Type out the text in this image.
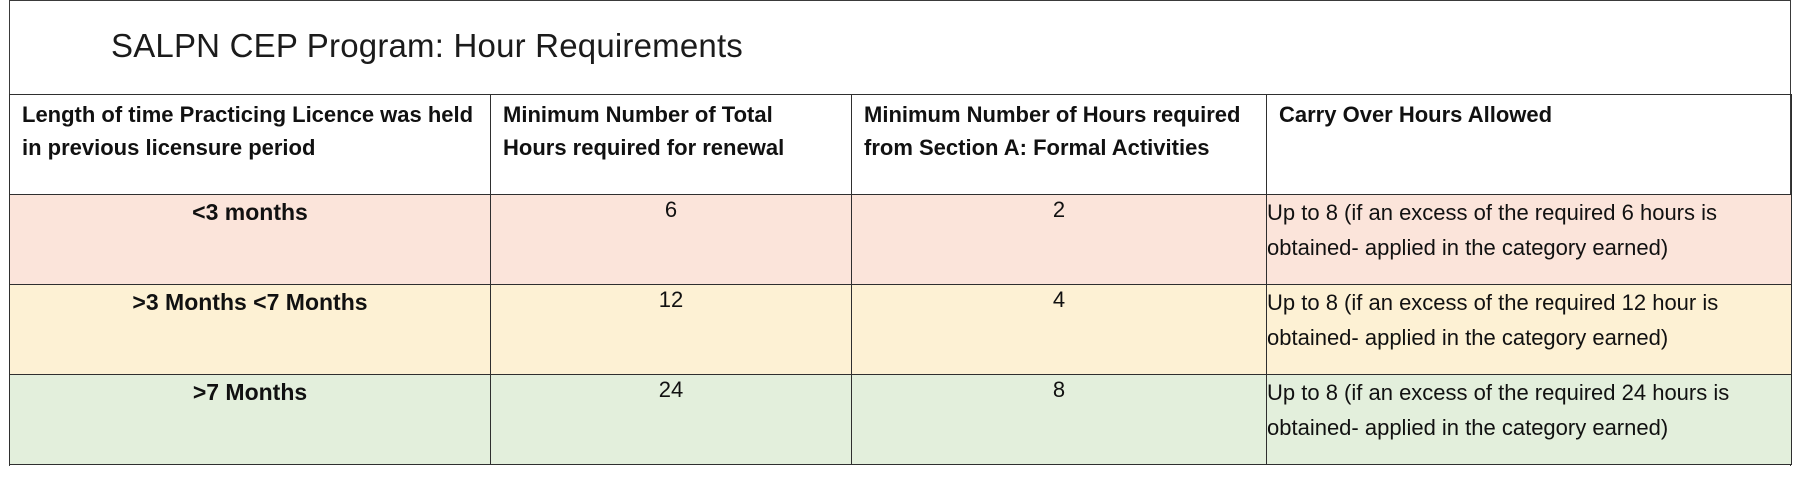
SALPN CEP Program: Hour Requirements
Length of time Practicing Licence was held in previous licensure period	Minimum Number of Total Hours required for renewal	Minimum Number of Hours required from Section A: Formal Activities	Carry Over Hours Allowed
<3 months	6	2	Up to 8 (if an excess of the required 6 hours is obtained- applied in the category earned)
>3 Months <7 Months	12	4	Up to 8 (if an excess of the required 12 hour is obtained- applied in the category earned)
>7 Months	24	8	Up to 8 (if an excess of the required 24 hours is obtained- applied in the category earned)
